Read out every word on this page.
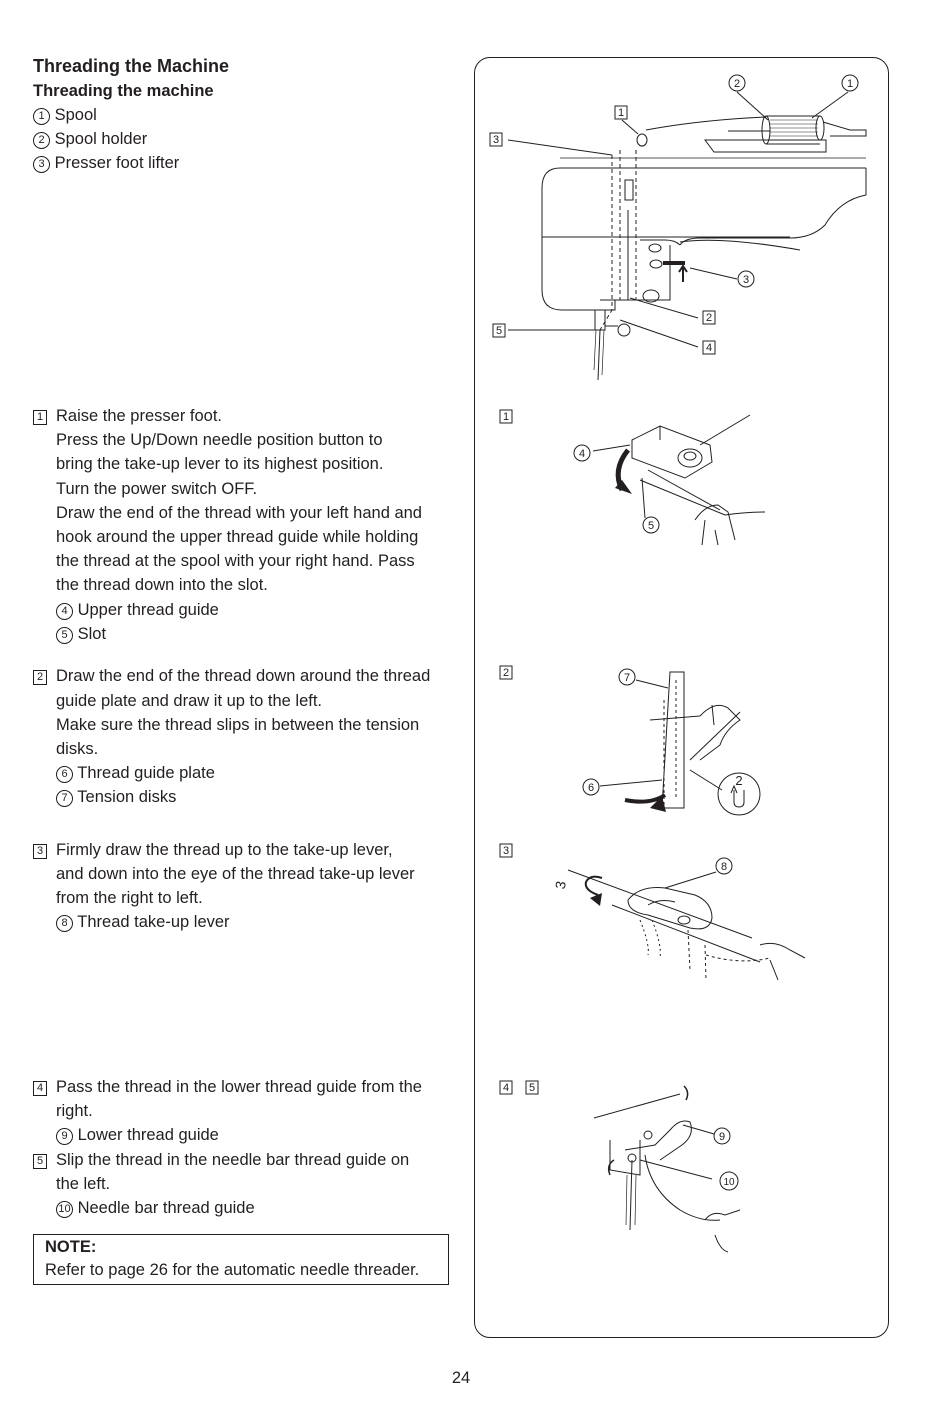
Threading the Machine
Threading the machine
1 Spool
2 Spool holder
3 Presser foot lifter
1 Raise the presser foot.
Press the Up/Down needle position button to
bring the take-up lever to its highest position.
Turn the power switch OFF.
Draw the end of the thread with your left hand and
hook around the upper thread guide while holding
the thread at the spool with your right hand. Pass
the thread down into the slot.
4 Upper thread guide
5 Slot
2 Draw the end of the thread down around the thread
guide plate and draw it up to the left.
Make sure the thread slips in between the tension
disks.
6 Thread guide plate
7 Tension disks
3 Firmly draw the thread up to the take-up lever,
and down into the eye of the thread take-up lever
from the right to left.
8 Thread take-up lever
4 Pass the thread in the lower thread guide from the
right.
9 Lower thread guide
5 Slip the thread in the needle bar thread guide on
the left.
10 Needle bar thread guide
NOTE:
Refer to page 26 for the automatic needle threader.
1
3
2
4
5
2	1
3
1
4
5
2	7
6	2
3
8
3
4 5
9
10
24
